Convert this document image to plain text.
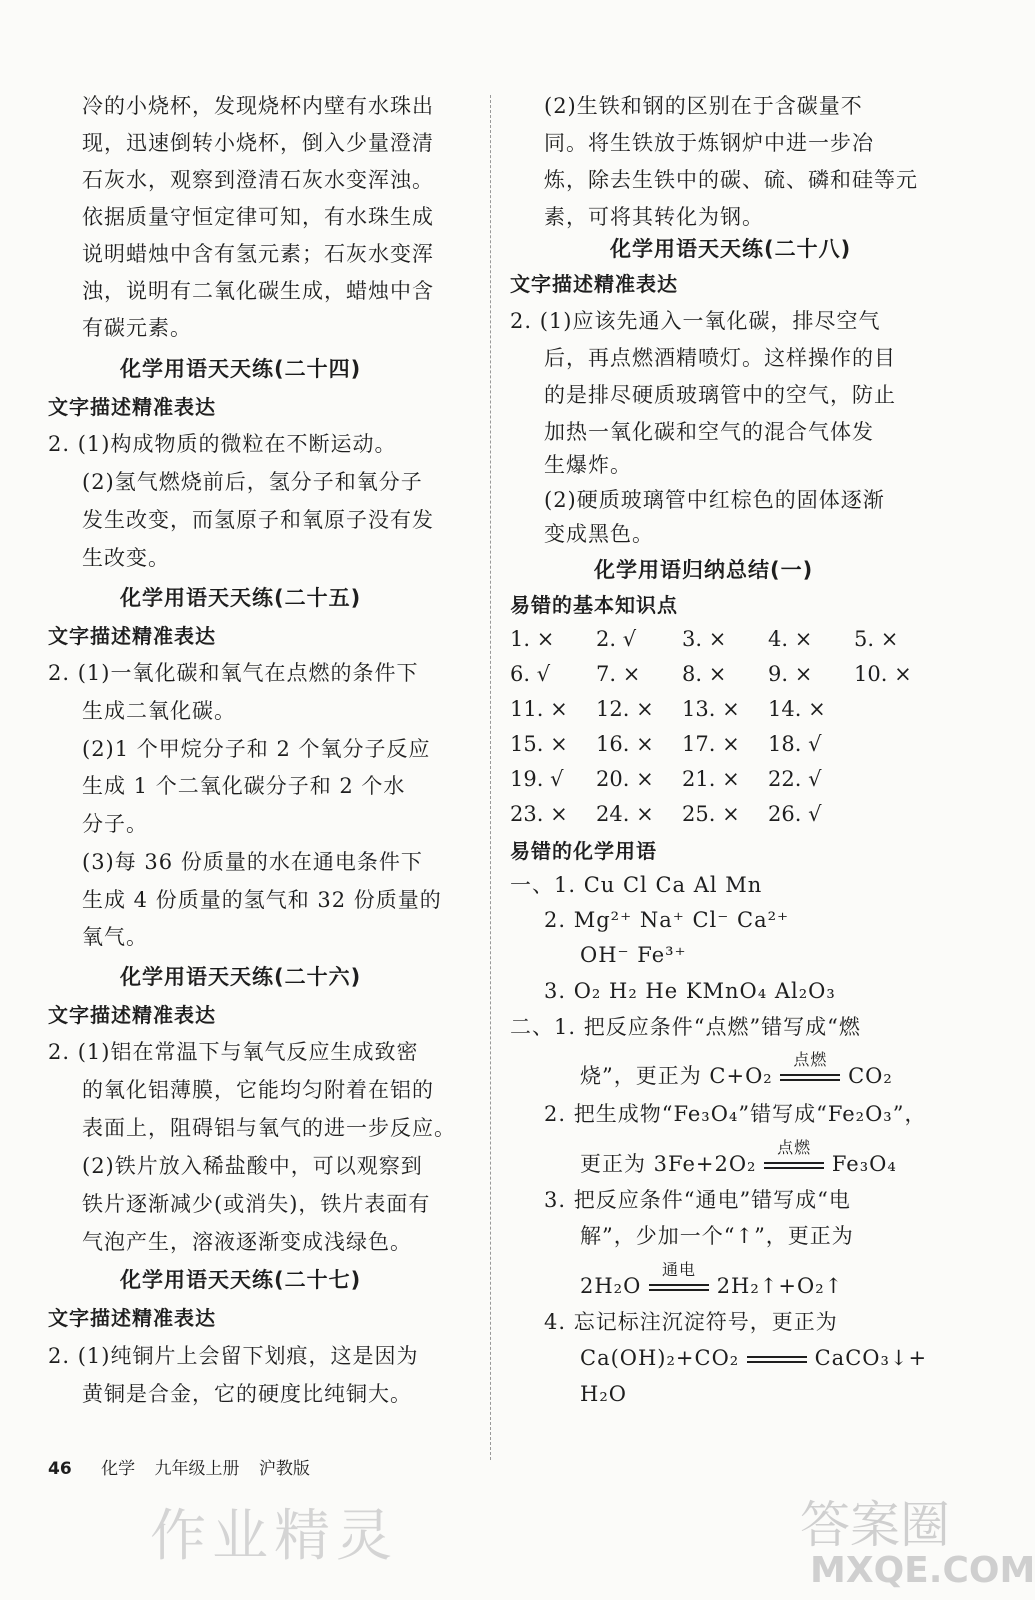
冷的小烧杯，发现烧杯内壁有水珠出
现，迅速倒转小烧杯，倒入少量澄清
石灰水，观察到澄清石灰水变浑浊。
依据质量守恒定律可知，有水珠生成
说明蜡烛中含有氢元素；石灰水变浑
浊，说明有二氧化碳生成，蜡烛中含
有碳元素。
化学用语天天练(二十四)
文字描述精准表达
2. (1)构成物质的微粒在不断运动。
(2)氢气燃烧前后，氢分子和氧分子
发生改变，而氢原子和氧原子没有发
生改变。
化学用语天天练(二十五)
文字描述精准表达
2. (1)一氧化碳和氧气在点燃的条件下
生成二氧化碳。
(2)1 个甲烷分子和 2 个氧分子反应
生成 1 个二氧化碳分子和 2 个水
分子。
(3)每 36 份质量的水在通电条件下
生成 4 份质量的氢气和 32 份质量的
氧气。
化学用语天天练(二十六)
文字描述精准表达
2. (1)铝在常温下与氧气反应生成致密
的氧化铝薄膜，它能均匀附着在铝的
表面上，阻碍铝与氧气的进一步反应。
(2)铁片放入稀盐酸中，可以观察到
铁片逐渐减少(或消失)，铁片表面有
气泡产生，溶液逐渐变成浅绿色。
化学用语天天练(二十七)
文字描述精准表达
2. (1)纯铜片上会留下划痕，这是因为
黄铜是合金，它的硬度比纯铜大。
(2)生铁和钢的区别在于含碳量不
同。将生铁放于炼钢炉中进一步冶
炼，除去生铁中的碳、硫、磷和硅等元
素，可将其转化为钢。
化学用语天天练(二十八)
文字描述精准表达
2. (1)应该先通入一氧化碳，排尽空气
后，再点燃酒精喷灯。这样操作的目
的是排尽硬质玻璃管中的空气，防止
加热一氧化碳和空气的混合气体发
生爆炸。
(2)硬质玻璃管中红棕色的固体逐渐
变成黑色。
化学用语归纳总结(一)
易错的基本知识点
1. × 2. √ 3. × 4. × 5. ×
6. √ 7. × 8. × 9. × 10. ×
11. × 12. × 13. × 14. ×
15. × 16. × 17. × 18. √
19. √ 20. × 21. × 22. √
23. × 24. × 25. × 26. √
易错的化学用语
一、1. Cu Cl Ca Al Mn
2. Mg²⁺ Na⁺ Cl⁻ Ca²⁺
OH⁻ Fe³⁺
3. O₂ H₂ He KMnO₄ Al₂O₃
二、1. 把反应条件“点燃”错写成“燃
烧”，更正为 C+O₂
点燃
CO₂
2. 把生成物“Fe₃O₄”错写成“Fe₂O₃”，
更正为 3Fe+2O₂
点燃
Fe₃O₄
3. 把反应条件“通电”错写成“电
解”，少加一个“↑”，更正为
2H₂O
通电
2H₂↑+O₂↑
4. 忘记标注沉淀符号，更正为
Ca(OH)₂+CO₂	CaCO₃↓+
H₂O
46 化学 九年级上册 沪教版
作业精灵	答案圈
MXQE.COM
